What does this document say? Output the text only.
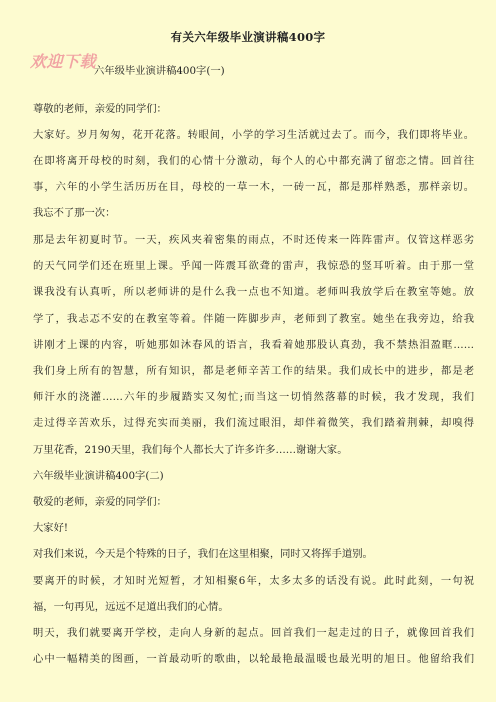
有关六年级毕业演讲稿400字
欢迎下载
六年级毕业演讲稿400字(一)
尊敬的老师，亲爱的同学们：
大家好。岁月匆匆，花开花落。转眼间，小学的学习生活就过去了。而今，我们即将毕业。
在即将离开母校的时刻，我们的心情十分激动，每个人的心中都充满了留恋之情。回首往
事，六年的小学生活历历在目，母校的一草一木，一砖一瓦，都是那样熟悉，那样亲切。
我忘不了那一次：
那是去年初夏时节。一天，疾风夹着密集的雨点，不时还传来一阵阵雷声。仅管这样恶劣
的天气同学们还在班里上课。乎闻一阵震耳欲聋的雷声，我惊恐的竖耳听着。由于那一堂
课我没有认真听，所以老师讲的是什么我一点也不知道。老师叫我放学后在教室等她。放
学了，我忐忑不安的在教室等着。伴随一阵脚步声，老师到了教室。她坐在我旁边，给我
讲刚才上课的内容，听她那如沐春风的语言，我看着她那股认真劲，我不禁热泪盈眶……
我们身上所有的智慧，所有知识，都是老师辛苦工作的结果。我们成长中的进步，都是老
师汗水的浇灌……六年的步履踏实又匆忙;而当这一切悄然落幕的时候，我才发现，我们
走过得辛苦欢乐，过得充实而美丽，我们流过眼泪，却伴着微笑，我们踏着荆棘，却嗅得
万里花香，2190天里，我们每个人都长大了许多许多……谢谢大家。
六年级毕业演讲稿400字(二)
敬爱的老师，亲爱的同学们：
大家好!
对我们来说，今天是个特殊的日子，我们在这里相聚，同时又将挥手道别。
要离开的时候，才知时光短暂，才知相聚6年，太多太多的话没有说。此时此刻，一句祝
福，一句再见，远远不足道出我们的心情。
明天，我们就要离开学校，走向人身新的起点。回首我们一起走过的日子，就像回首我们
心中一幅精美的图画，一首最动听的歌曲，以轮最艳最温暖也最光明的旭日。他留给我们
